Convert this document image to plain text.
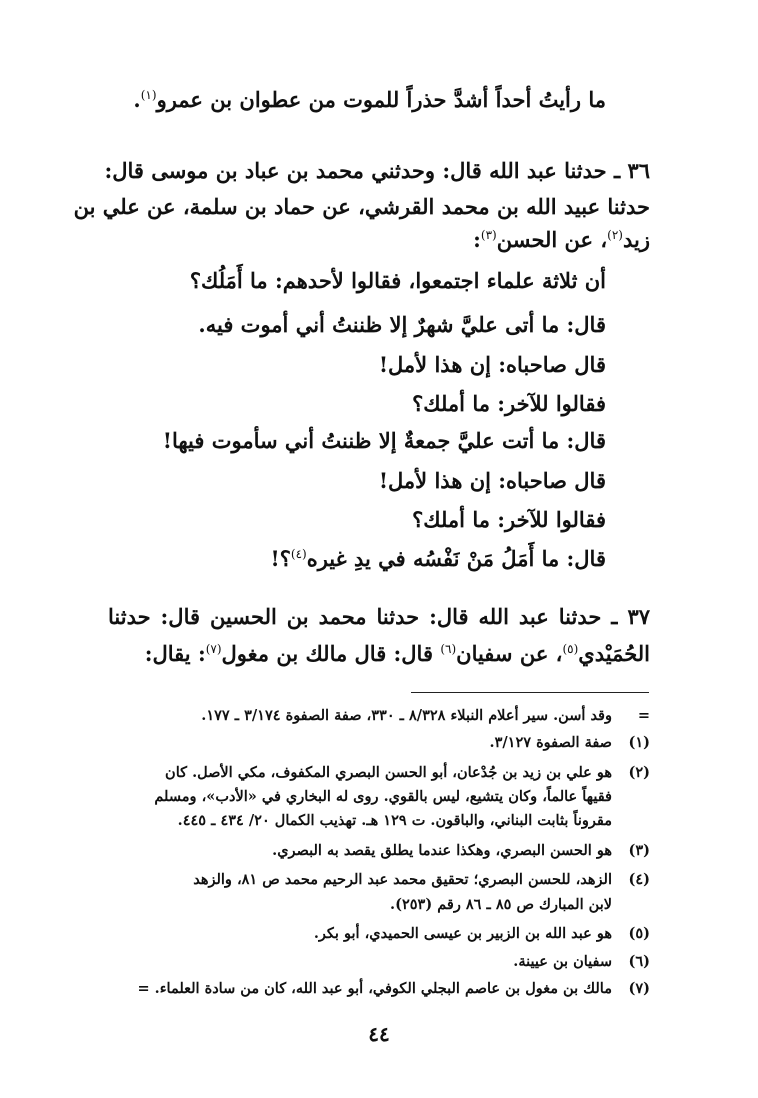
ما رأيتُ أحداً أشدَّ حذراً للموت من عطوان بن عمرو$^{(١)}$.
٣٦ ـ حدثنا عبد الله قال: وحدثني محمد بن عباد بن موسى قال:
حدثنا عبيد الله بن محمد القرشي، عن حماد بن سلمة، عن علي بن
زيد$^{(٢)}$، عن الحسن$^{(٣)}$:
أن ثلاثة علماء اجتمعوا، فقالوا لأحدهم: ما أَمَلُك؟
قال: ما أتى عليَّ شهرٌ إلا ظننتُ أني أموت فيه.
قال صاحباه: إن هذا لأمل!
فقالوا للآخر: ما أملك؟
قال: ما أتت عليَّ جمعةٌ إلا ظننتُ أني سأموت فيها!
قال صاحباه: إن هذا لأمل!
فقالوا للآخر: ما أملك؟
قال: ما أَمَلُ مَنْ نَفْسُه في يدِ غيره$^{(٤)}$؟!
٣٧ ـ حدثنا عبد الله قال: حدثنا محمد بن الحسين قال: حدثنا
الحُمَيْدي$^{(٥)}$، عن سفيان$^{(٦)}$ قال: قال مالك بن مغول$^{(٧)}$: يقال:
=
وقد أسن. سير أعلام النبلاء ٨/٣٢٨ ـ ٣٣٠، صفة الصفوة ٣/١٧٤ ـ ١٧٧.
(١)
صفة الصفوة ٣/١٢٧.
(٢)
هو علي بن زيد بن جُدْعان، أبو الحسن البصري المكفوف، مكي الأصل. كان
فقيهاً عالماً، وكان يتشيع، ليس بالقوي. روى له البخاري في «الأدب»، ومسلم
مقروناً بثابت البناني، والباقون. ت ١٢٩ هـ. تهذيب الكمال ٢٠/ ٤٣٤ ـ ٤٤٥.
(٣)
هو الحسن البصري، وهكذا عندما يطلق يقصد به البصري.
(٤)
الزهد، للحسن البصري؛ تحقيق محمد عبد الرحيم محمد ص ٨١، والزهد
لابن المبارك ص ٨٥ ـ ٨٦ رقم (٢٥٣).
(٥)
هو عبد الله بن الزبير بن عيسى الحميدي، أبو بكر.
(٦)
سفيان بن عيينة.
(٧)
مالك بن مغول بن عاصم البجلي الكوفي، أبو عبد الله، كان من سادة العلماء. =
٤٤
